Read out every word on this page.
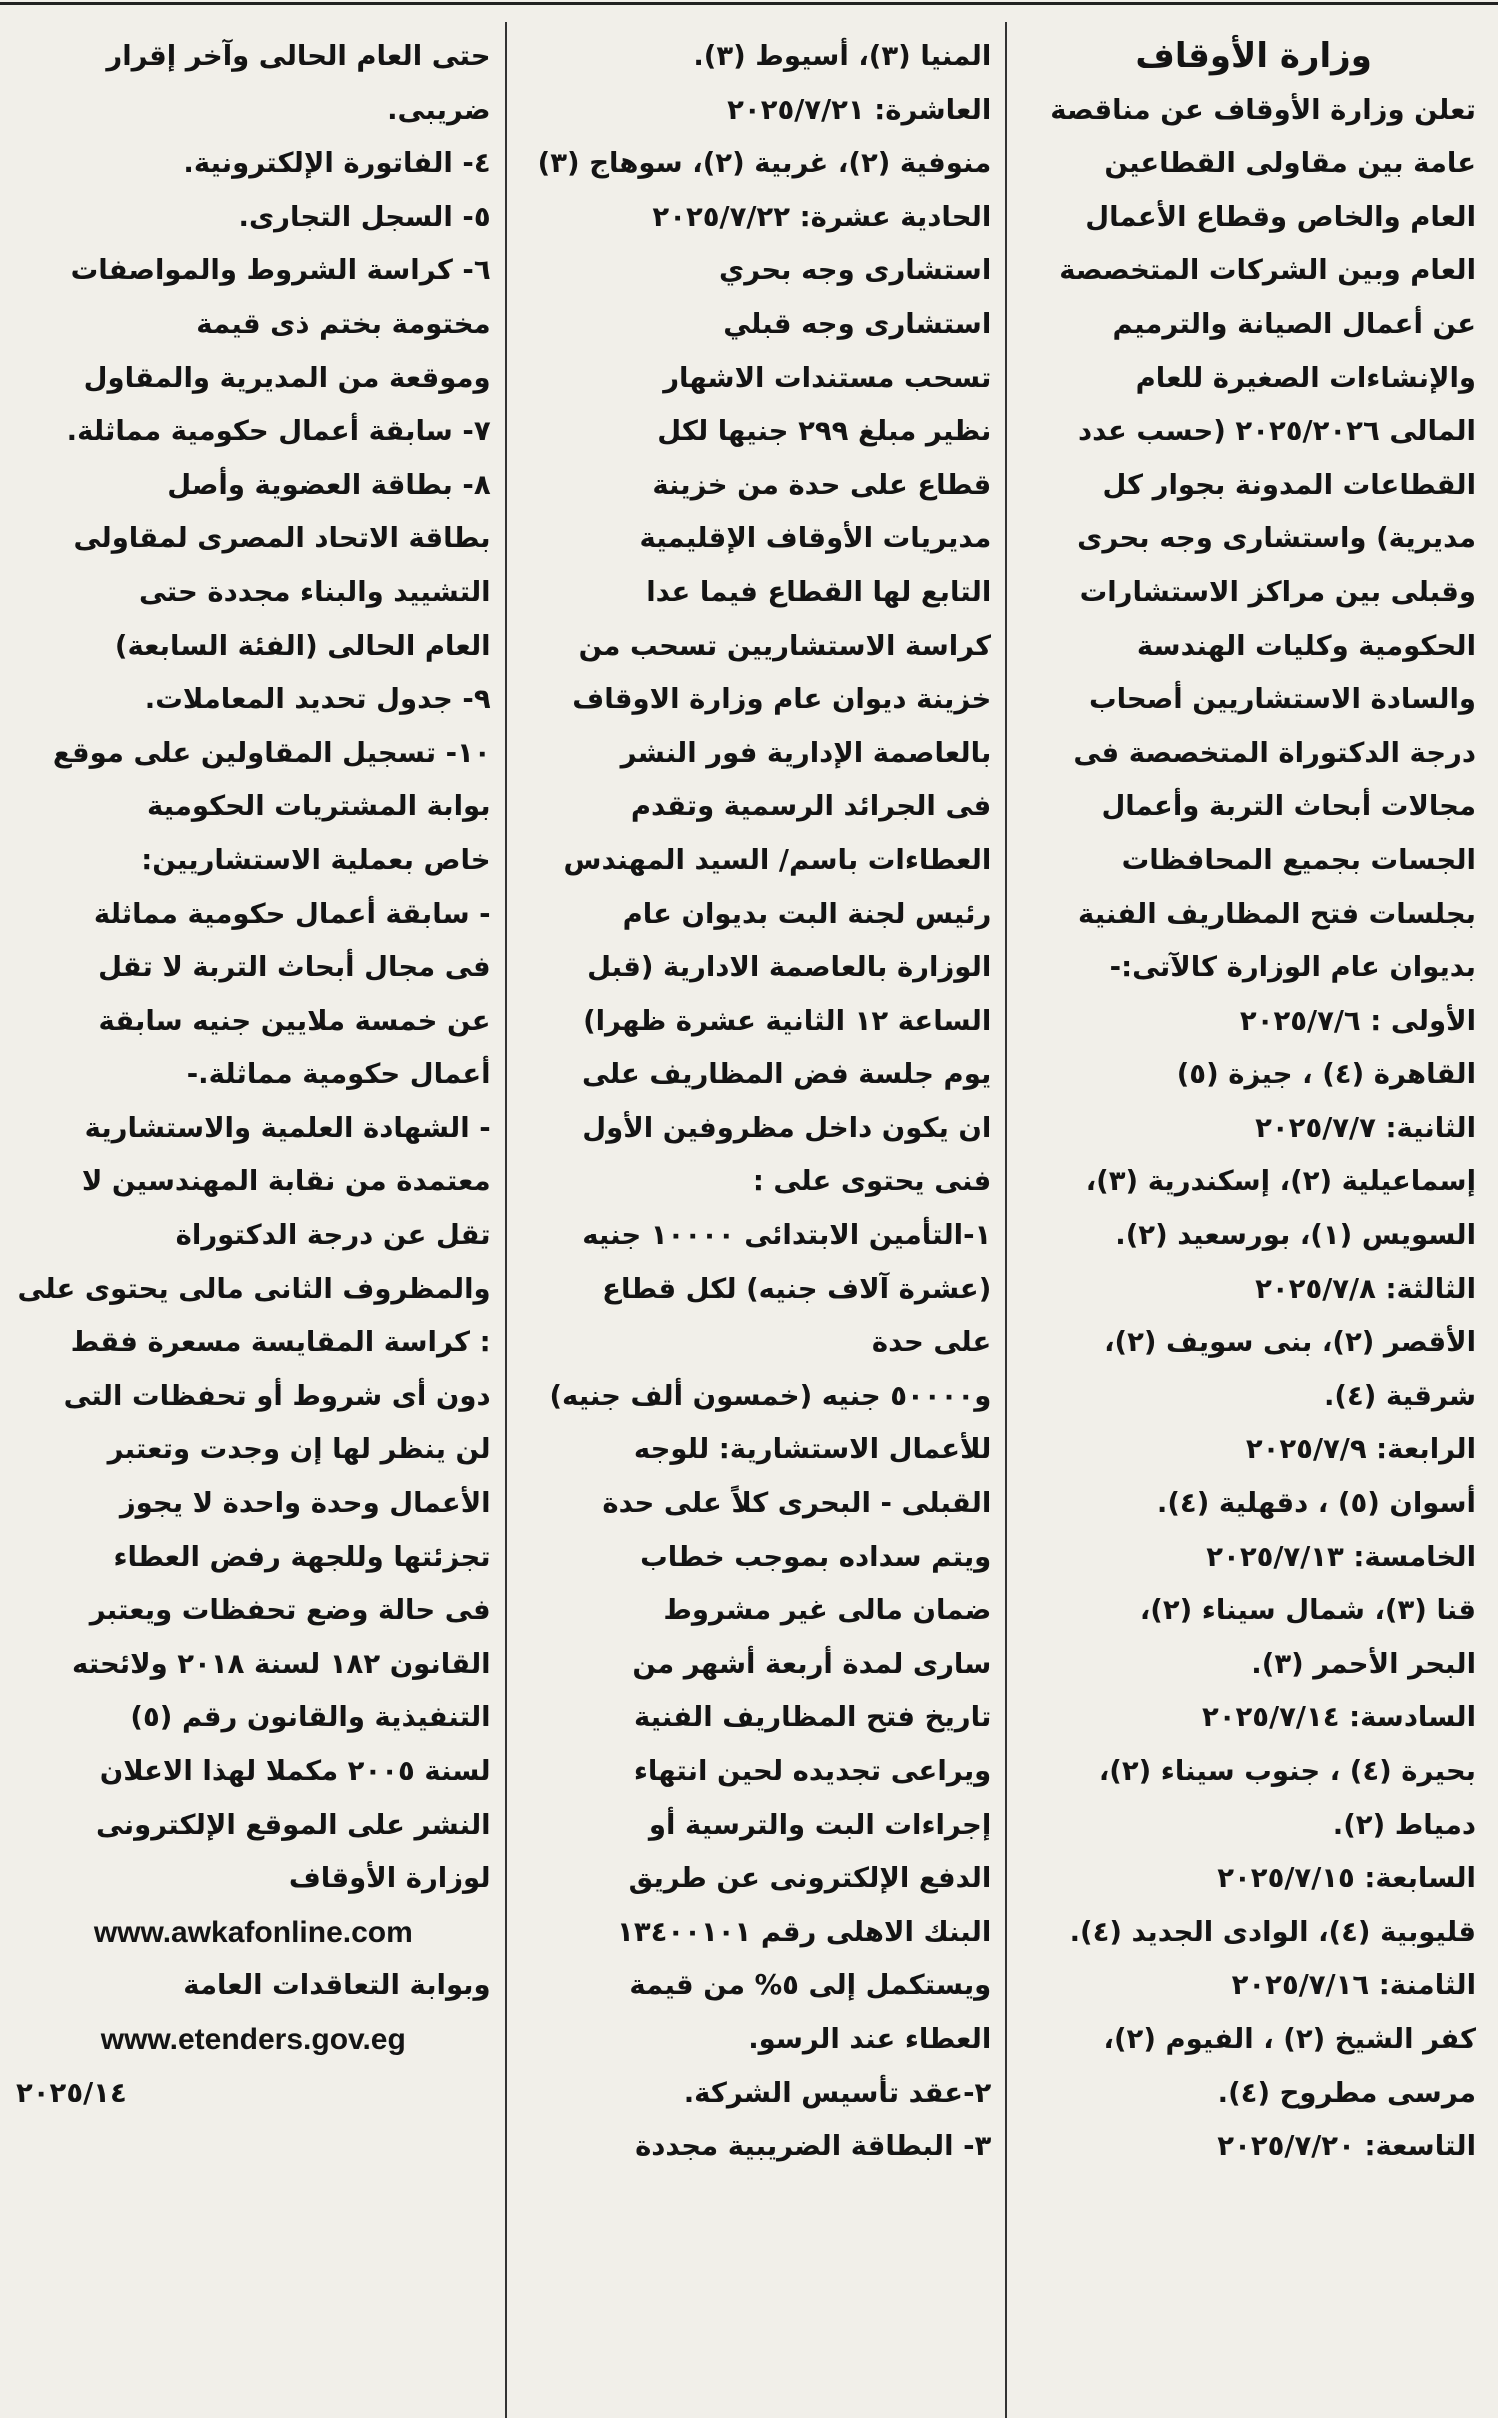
وزارة الأوقاف
تعلن وزارة الأوقاف عن مناقصة
عامة بين مقاولى القطاعين
العام والخاص وقطاع الأعمال
العام وبين الشركات المتخصصة
عن أعمال الصيانة والترميم
والإنشاءات الصغيرة للعام
المالى ٢٠٢٥/٢٠٢٦ (حسب عدد
القطاعات المدونة بجوار كل
مديرية) واستشارى وجه بحرى
وقبلى بين مراكز الاستشارات
الحكومية وكليات الهندسة
والسادة الاستشاريين أصحاب
درجة الدكتوراة المتخصصة فى
مجالات أبحاث التربة وأعمال
الجسات بجميع المحافظات
بجلسات فتح المظاريف الفنية
بديوان عام الوزارة كالآتى:-
الأولى : ٢٠٢٥/٧/٦
القاهرة (٤) ، جيزة (٥)
الثانية: ٢٠٢٥/٧/٧
إسماعيلية (٢)، إسكندرية (٣)،
السويس (١)، بورسعيد (٢).
الثالثة: ٢٠٢٥/٧/٨
الأقصر (٢)، بنى سويف (٢)،
شرقية (٤).
الرابعة: ٢٠٢٥/٧/٩
أسوان (٥) ، دقهلية (٤).
الخامسة: ٢٠٢٥/٧/١٣
قنا (٣)، شمال سيناء (٢)،
البحر الأحمر (٣).
السادسة: ٢٠٢٥/٧/١٤
بحيرة (٤) ، جنوب سيناء (٢)،
دمياط (٢).
السابعة: ٢٠٢٥/٧/١٥
قليوبية (٤)، الوادى الجديد (٤).
الثامنة: ٢٠٢٥/٧/١٦
كفر الشيخ (٢) ، الفيوم (٢)،
مرسى مطروح (٤).
التاسعة: ٢٠٢٥/٧/٢٠
المنيا (٣)، أسيوط (٣).
العاشرة: ٢٠٢٥/٧/٢١
منوفية (٢)، غربية (٢)، سوهاج (٣)
الحادية عشرة: ٢٠٢٥/٧/٢٢
استشارى وجه بحري
استشارى وجه قبلي
تسحب مستندات الاشهار
نظير مبلغ ٢٩٩ جنيها لكل
قطاع على حدة من خزينة
مديريات الأوقاف الإقليمية
التابع لها القطاع فيما عدا
كراسة الاستشاريين تسحب من
خزينة ديوان عام وزارة الاوقاف
بالعاصمة الإدارية فور النشر
فى الجرائد الرسمية وتقدم
العطاءات باسم/ السيد المهندس
رئيس لجنة البت بديوان عام
الوزارة بالعاصمة الادارية (قبل
الساعة ١٢ الثانية عشرة ظهرا)
يوم جلسة فض المظاريف على
ان يكون داخل مظروفين الأول
فنى يحتوى على :
١-التأمين الابتدائى ١٠٠٠٠ جنيه
(عشرة آلاف جنيه) لكل قطاع
على حدة
و٥٠٠٠٠ جنيه (خمسون ألف جنيه)
للأعمال الاستشارية: للوجه
القبلى - البحرى كلاً على حدة
ويتم سداده بموجب خطاب
ضمان مالى غير مشروط
سارى لمدة أربعة أشهر من
تاريخ فتح المظاريف الفنية
ويراعى تجديده لحين انتهاء
إجراءات البت والترسية أو
الدفع الإلكترونى عن طريق
البنك الاهلى رقم ١٣٤٠٠١٠١
ويستكمل إلى ٥% من قيمة
العطاء عند الرسو.
٢-عقد تأسيس الشركة.
٣- البطاقة الضريبية مجددة
حتى العام الحالى وآخر إقرار
ضريبى.
٤- الفاتورة الإلكترونية.
٥- السجل التجارى.
٦- كراسة الشروط والمواصفات
مختومة بختم ذى قيمة
وموقعة من المديرية والمقاول
٧- سابقة أعمال حكومية مماثلة.
٨- بطاقة العضوية وأصل
بطاقة الاتحاد المصرى لمقاولى
التشييد والبناء مجددة حتى
العام الحالى (الفئة السابعة)
٩- جدول تحديد المعاملات.
١٠- تسجيل المقاولين على موقع
بوابة المشتريات الحكومية
خاص بعملية الاستشاريين:
- سابقة أعمال حكومية مماثلة
فى مجال أبحاث التربة لا تقل
عن خمسة ملايين جنيه سابقة
أعمال حكومية مماثلة.-
- الشهادة العلمية والاستشارية
معتمدة من نقابة المهندسين لا
تقل عن درجة الدكتوراة
والمظروف الثانى مالى يحتوى على
: كراسة المقايسة مسعرة فقط
دون أى شروط أو تحفظات التى
لن ينظر لها إن وجدت وتعتبر
الأعمال وحدة واحدة لا يجوز
تجزئتها وللجهة رفض العطاء
فى حالة وضع تحفظات ويعتبر
القانون ١٨٢ لسنة ٢٠١٨ ولائحته
التنفيذية والقانون رقم (٥)
لسنة ٢٠٠٥ مكملا لهذا الاعلان
النشر على الموقع الإلكترونى
لوزارة الأوقاف
www.awkafonline.com
وبوابة التعاقدات العامة
www.etenders.gov.eg
٢٠٢٥/١٤
